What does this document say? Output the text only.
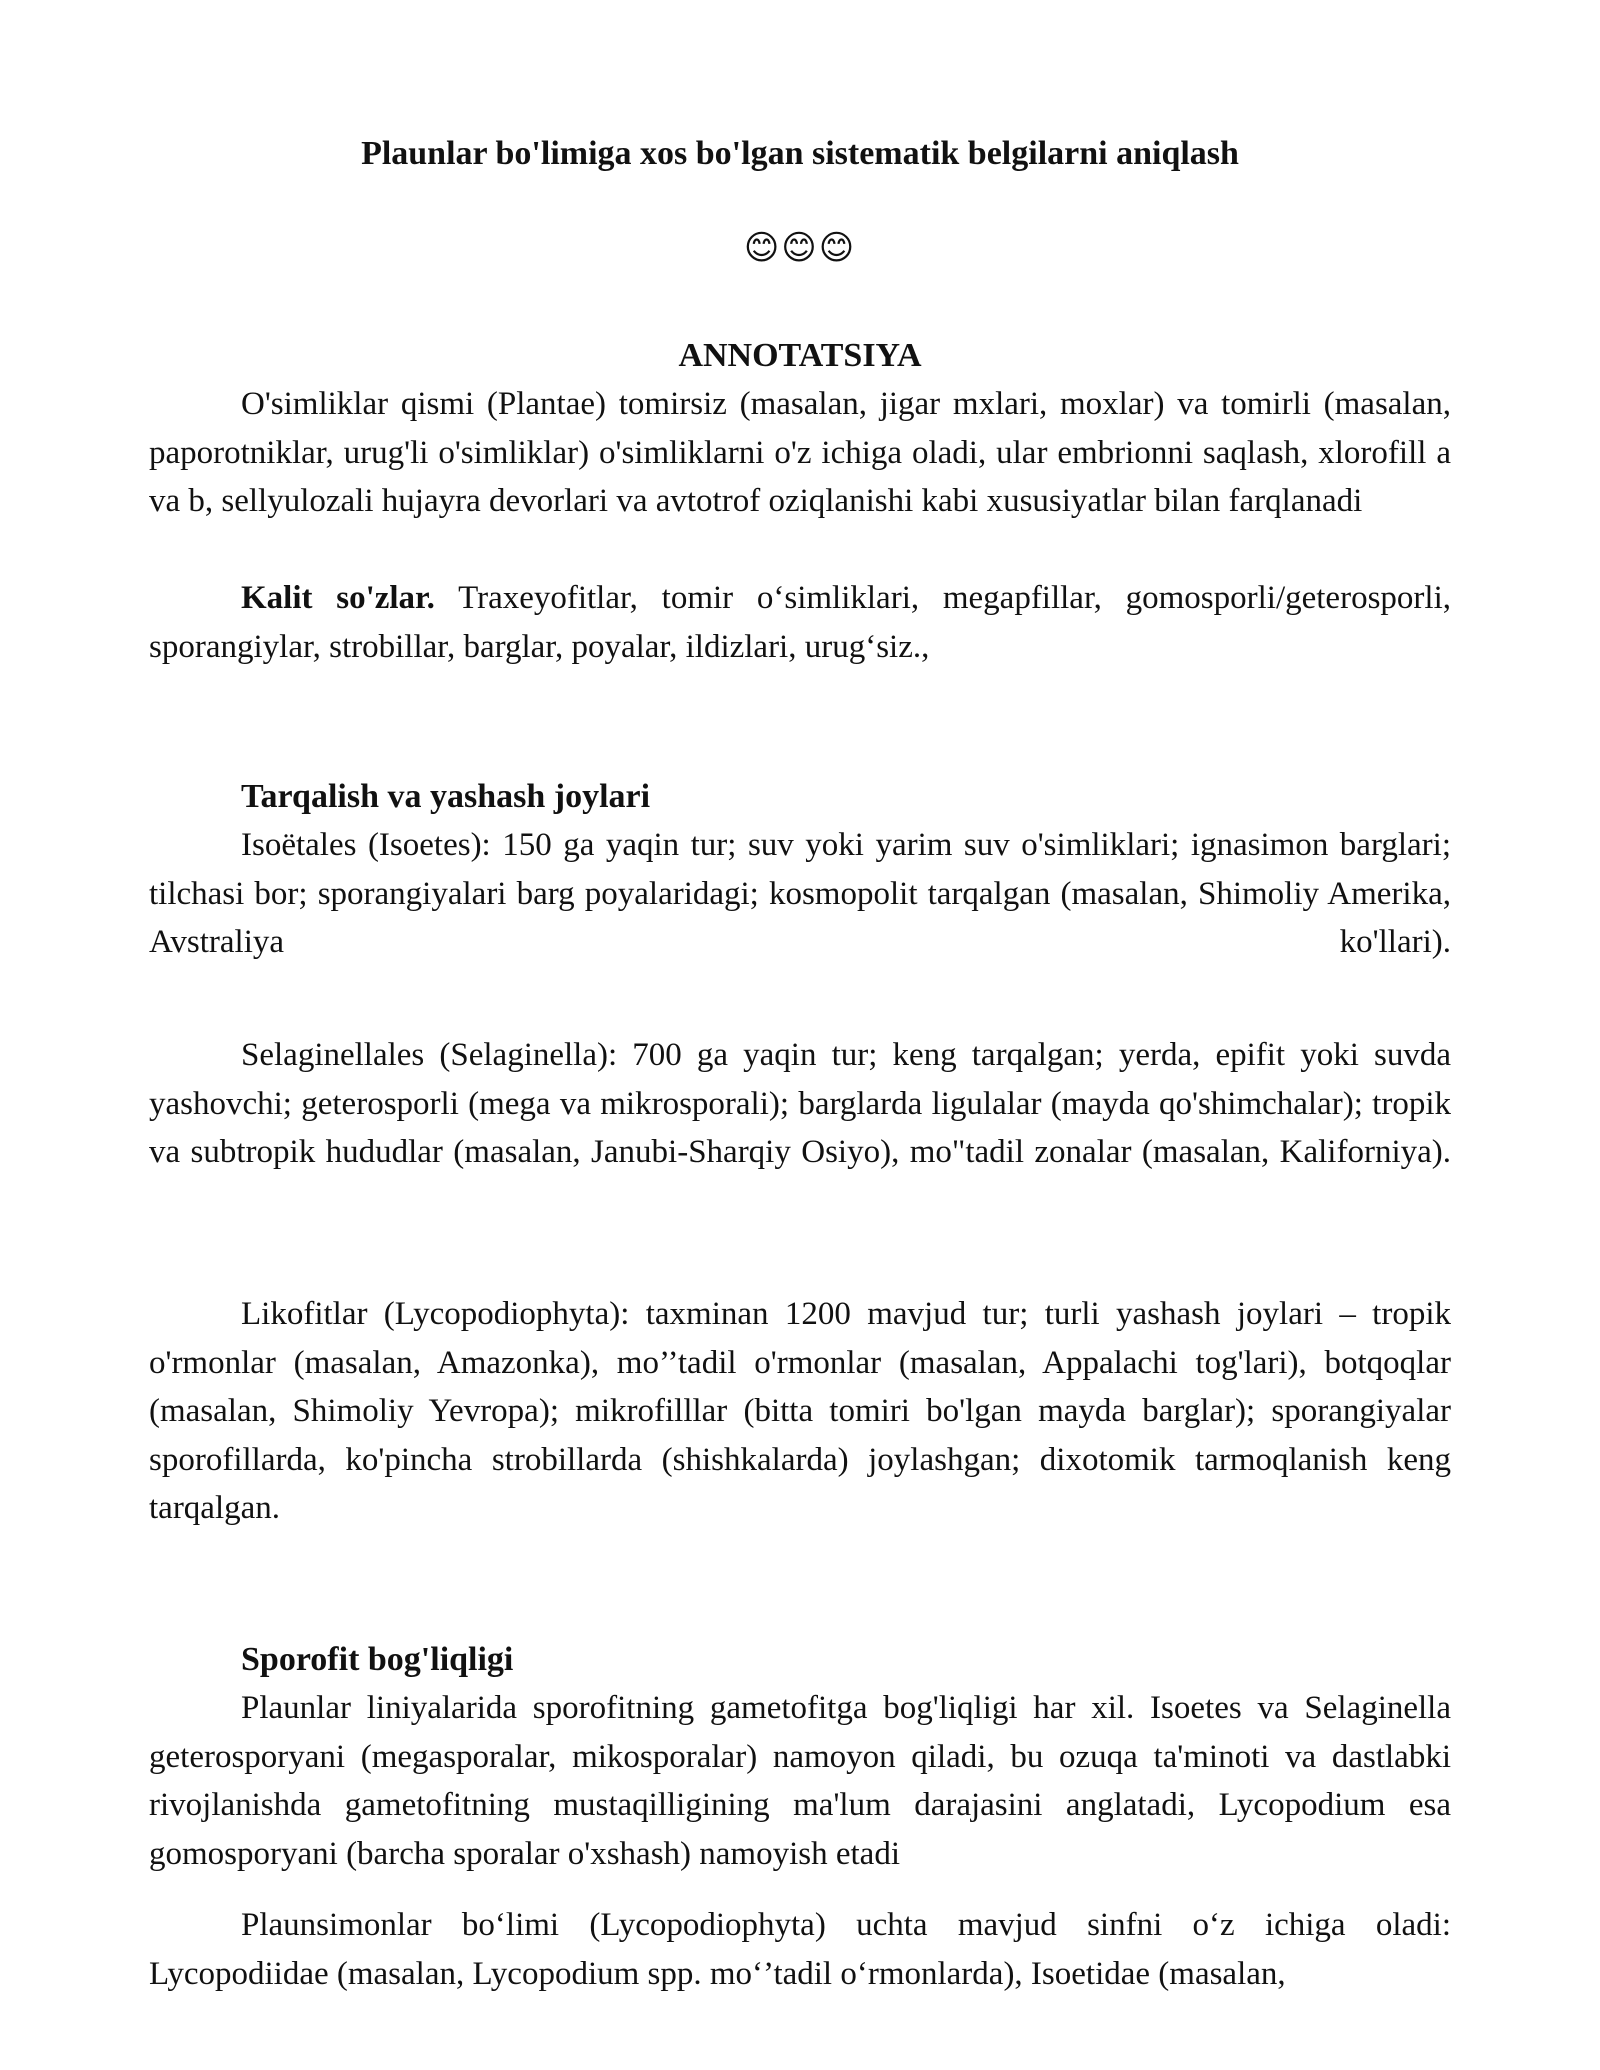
Plaunlar bo'limiga xos bo'lgan sistematik belgilarni aniqlash
😊😊😊
ANNOTATSIYA

O'simliklar qismi (Plantae) tomirsiz (masalan, jigar mxlari, moxlar) va tomirli (masalan, paporotniklar, urug'li o'simliklar) o'simliklarni o'z ichiga oladi, ular embrionni saqlash, xlorofill a va b, sellyulozali hujayra devorlari va avtotrof oziqlanishi kabi xususiyatlar bilan farqlanadi

Kalit so'zlar. Traxeyofitlar, tomir o‘simliklari, megapfillar, gomosporli/geterosporli, sporangiylar, strobillar, barglar, poyalar, ildizlari, urug‘siz.,

Tarqalish va yashash joylari

Isoëtales (Isoetes): 150 ga yaqin tur; suv yoki yarim suv o'simliklari; ignasimon barglari; tilchasi bor; sporangiyalari barg poyalaridagi; kosmopolit tarqalgan (masalan, Shimoliy Amerika, Avstraliya ko'llari).

Selaginellales (Selaginella): 700 ga yaqin tur; keng tarqalgan; yerda, epifit yoki suvda yashovchi; geterosporli (mega va mikrosporali); barglarda ligulalar (mayda qo'shimchalar); tropik va subtropik hududlar (masalan, Janubi-Sharqiy Osiyo), mo"tadil zonalar (masalan, Kaliforniya).

Likofitlar (Lycopodiophyta): taxminan 1200 mavjud tur; turli yashash joylari – tropik o'rmonlar (masalan, Amazonka), mo’’tadil o'rmonlar (masalan, Appalachi tog'lari), botqoqlar (masalan, Shimoliy Yevropa); mikrofilllar (bitta tomiri bo'lgan mayda barglar); sporangiyalar sporofillarda, ko'pincha strobillarda (shishkalarda) joylashgan; dixotomik tarmoqlanish keng tarqalgan.

Sporofit bog'liqligi

Plaunlar liniyalarida sporofitning gametofitga bog'liqligi har xil. Isoetes va Selaginella geterosporyani (megasporalar, mikosporalar) namoyon qiladi, bu ozuqa ta'minoti va dastlabki rivojlanishda gametofitning mustaqilligining ma'lum darajasini anglatadi, Lycopodium esa gomosporyani (barcha sporalar o'xshash) namoyish etadi

Plaunsimonlar bo‘limi (Lycopodiophyta) uchta mavjud sinfni o‘z ichiga oladi: Lycopodiidae (masalan, Lycopodium spp. mo‘’tadil o‘rmonlarda), Isoetidae (masalan,
